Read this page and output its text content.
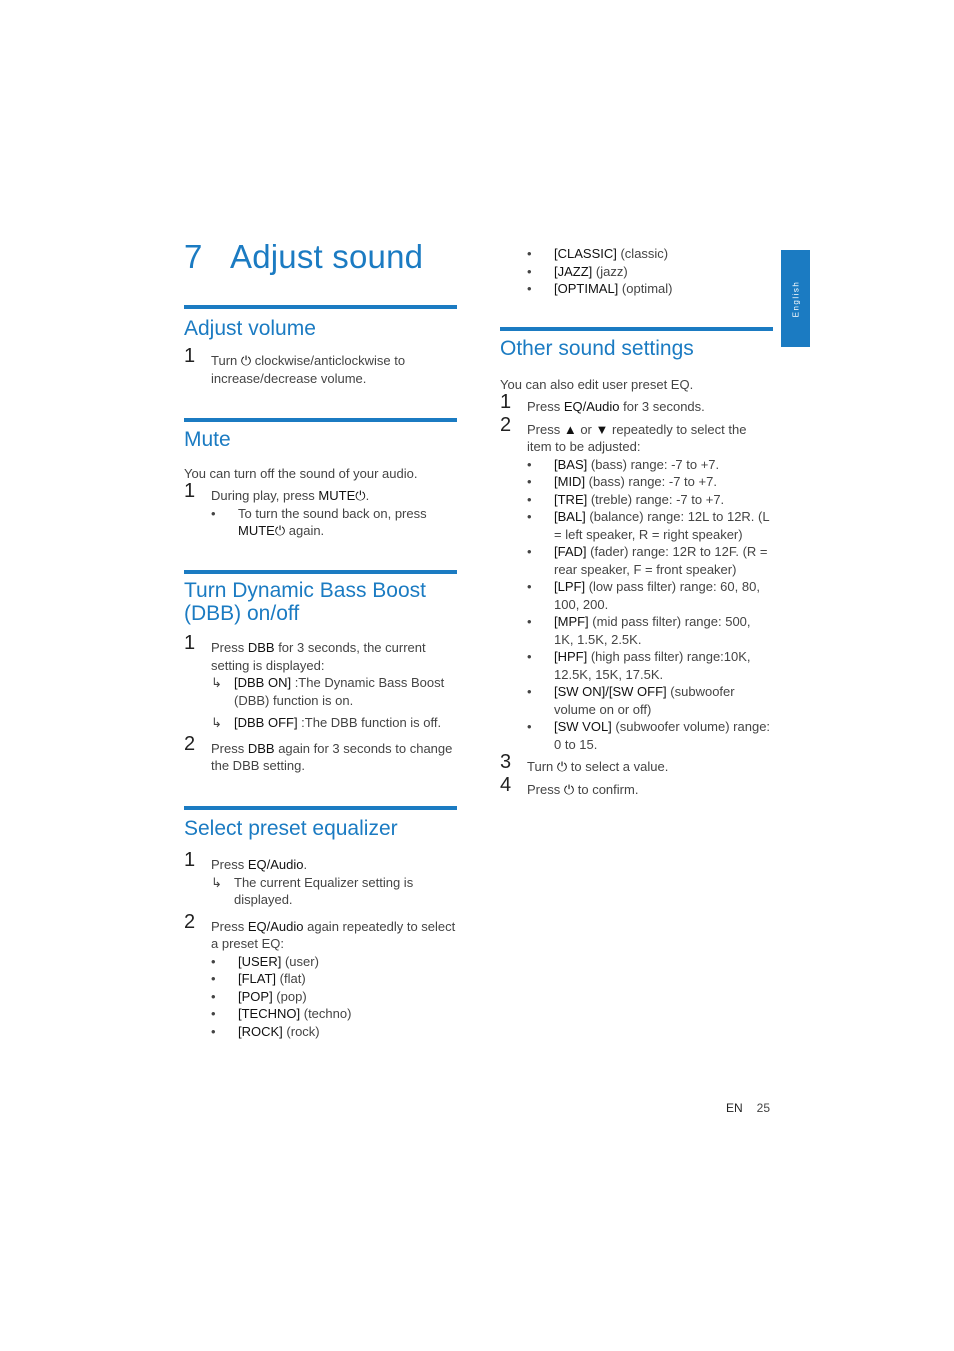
7 Adjust sound
English
Adjust volume
1 Turn ⏻ clockwise/anticlockwise to increase/decrease volume.
Mute
You can turn off the sound of your audio.
1 During play, press MUTE⏻.
• To turn the sound back on, press MUTE⏻ again.
Turn Dynamic Bass Boost (DBB) on/off
1 Press DBB for 3 seconds, the current setting is displayed:
↳ [DBB ON] :The Dynamic Bass Boost (DBB) function is on.
↳ [DBB OFF] :The DBB function is off.
2 Press DBB again for 3 seconds to change the DBB setting.
Select preset equalizer
1 Press EQ/Audio.
↳ The current Equalizer setting is displayed.
2 Press EQ/Audio again repeatedly to select a preset EQ:
• [USER] (user)
• [FLAT] (flat)
• [POP] (pop)
• [TECHNO] (techno)
• [ROCK] (rock)
• [CLASSIC] (classic)
• [JAZZ] (jazz)
• [OPTIMAL] (optimal)
Other sound settings
You can also edit user preset EQ.
1 Press EQ/Audio for 3 seconds.
2 Press ▲ or ▼ repeatedly to select the item to be adjusted:
• [BAS] (bass) range: -7 to +7.
• [MID] (bass) range: -7 to +7.
• [TRE] (treble) range: -7 to +7.
• [BAL] (balance) range: 12L to 12R. (L = left speaker, R = right speaker)
• [FAD] (fader) range: 12R to 12F. (R = rear speaker, F = front speaker)
• [LPF] (low pass filter) range: 60, 80, 100, 200.
• [MPF] (mid pass filter) range: 500, 1K, 1.5K, 2.5K.
• [HPF] (high pass filter) range:10K, 12.5K, 15K, 17.5K.
• [SW ON]/[SW OFF] (subwoofer volume on or off)
• [SW VOL] (subwoofer volume) range: 0 to 15.
3 Turn ⏻ to select a value.
4 Press ⏻ to confirm.
EN 25
